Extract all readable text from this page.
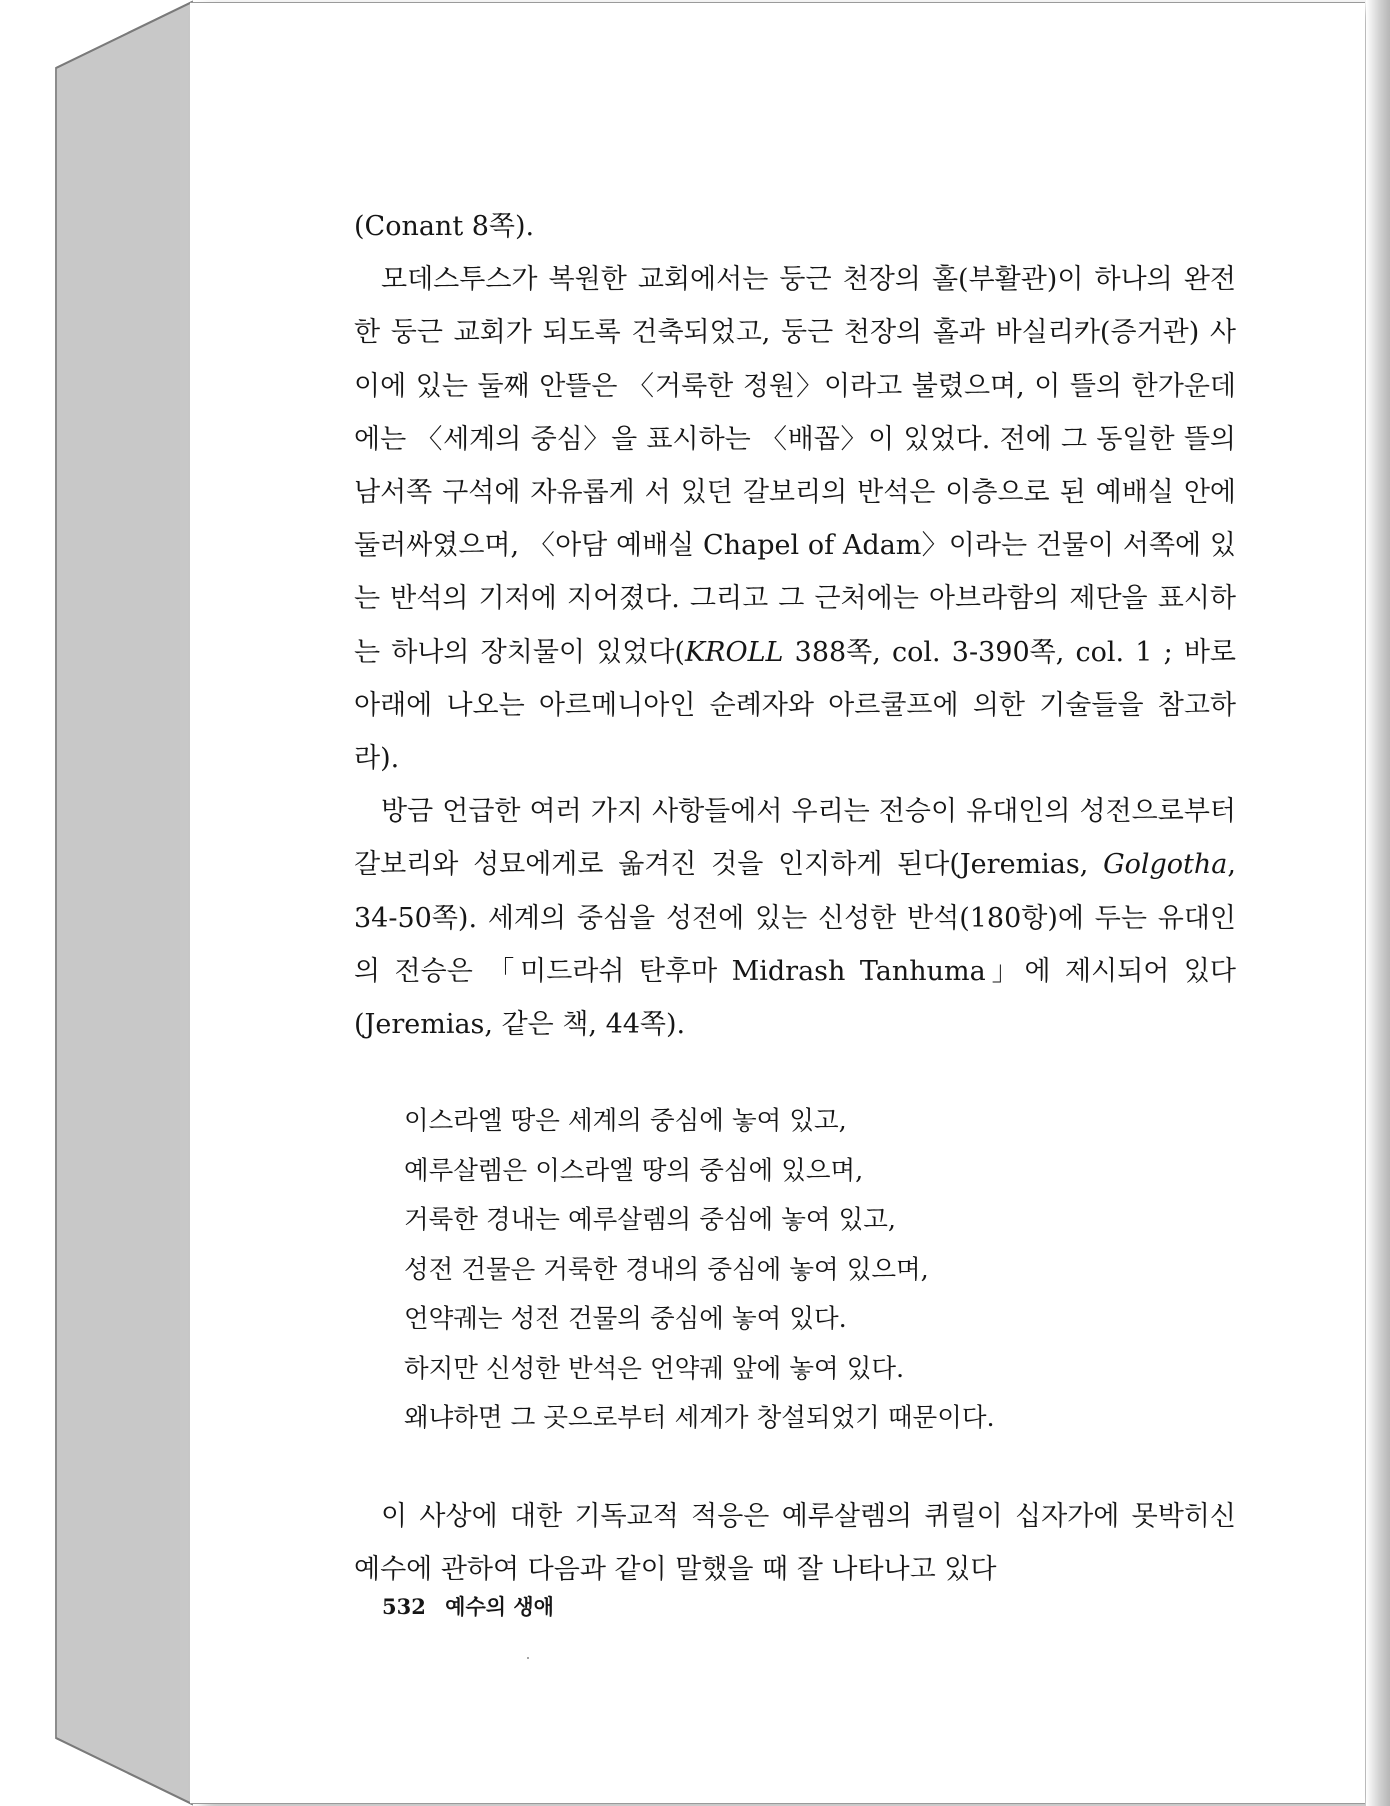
(Conant 8쪽).

모데스투스가 복원한 교회에서는 둥근 천장의 홀(부활관)이 하나의 완전한 둥근 교회가 되도록 건축되었고, 둥근 천장의 홀과 바실리카(증거관) 사이에 있는 둘째 안뜰은 〈거룩한 정원〉이라고 불렸으며, 이 뜰의 한가운데에는 〈세계의 중심〉을 표시하는 〈배꼽〉이 있었다. 전에 그 동일한 뜰의 남서쪽 구석에 자유롭게 서 있던 갈보리의 반석은 이층으로 된 예배실 안에 둘러싸였으며, 〈아담 예배실 Chapel of Adam〉이라는 건물이 서쪽에 있는 반석의 기저에 지어졌다. 그리고 그 근처에는 아브라함의 제단을 표시하는 하나의 장치물이 있었다(KROLL 388쪽, col. 3-390쪽, col. 1 ; 바로 아래에 나오는 아르메니아인 순례자와 아르쿨프에 의한 기술들을 참고하라).

방금 언급한 여러 가지 사항들에서 우리는 전승이 유대인의 성전으로부터 갈보리와 성묘에게로 옮겨진 것을 인지하게 된다(Jeremias, Golgotha, 34-50쪽). 세계의 중심을 성전에 있는 신성한 반석(180항)에 두는 유대인의 전승은 「미드라쉬 탄후마 Midrash Tanhuma」에 제시되어 있다(Jeremias, 같은 책, 44쪽).

이스라엘 땅은 세계의 중심에 놓여 있고,
예루살렘은 이스라엘 땅의 중심에 있으며,
거룩한 경내는 예루살렘의 중심에 놓여 있고,
성전 건물은 거룩한 경내의 중심에 놓여 있으며,
언약궤는 성전 건물의 중심에 놓여 있다.
하지만 신성한 반석은 언약궤 앞에 놓여 있다.
왜냐하면 그 곳으로부터 세계가 창설되었기 때문이다.

이 사상에 대한 기독교적 적응은 예루살렘의 퀴릴이 십자가에 못박히신 예수에 관하여 다음과 같이 말했을 때 잘 나타나고 있다

532 예수의 생애
